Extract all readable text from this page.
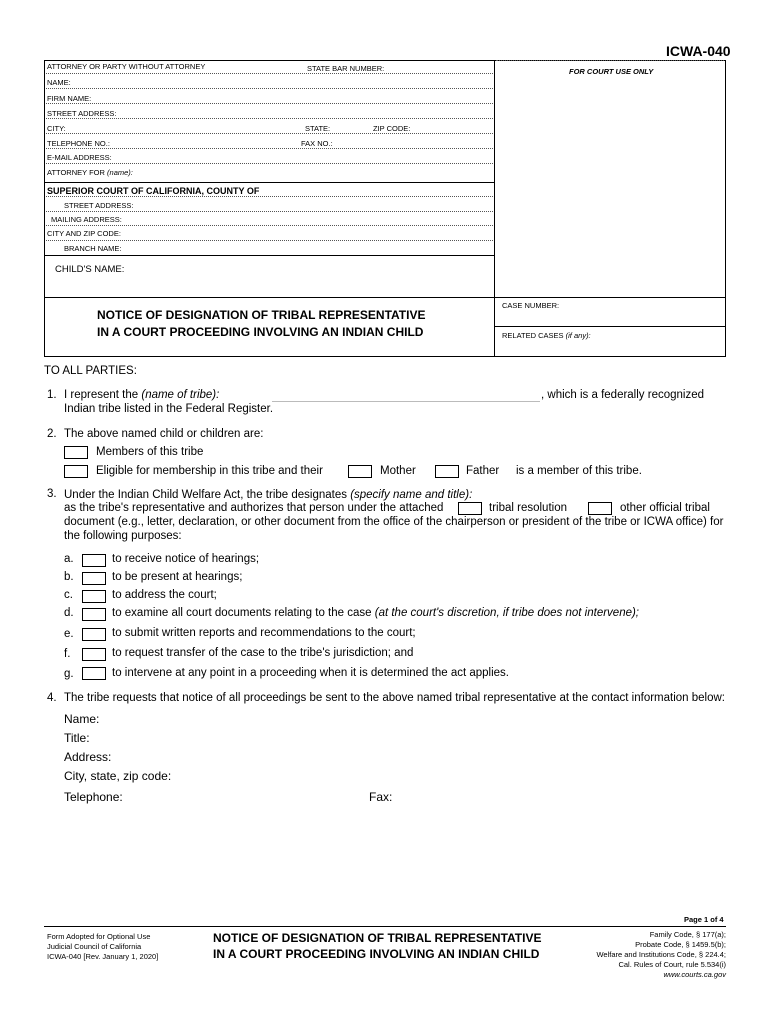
ICWA-040
ATTORNEY OR PARTY WITHOUT ATTORNEY	STATE BAR NUMBER:	FOR COURT USE ONLY
NAME:
FIRM NAME:
STREET ADDRESS:
CITY:	STATE:	ZIP CODE:
TELEPHONE NO.:	FAX NO.:
E-MAIL ADDRESS:
ATTORNEY FOR (name):
SUPERIOR COURT OF CALIFORNIA, COUNTY OF
STREET ADDRESS:
MAILING ADDRESS:
CITY AND ZIP CODE:
BRANCH NAME:
CHILD'S NAME:
NOTICE OF DESIGNATION OF TRIBAL REPRESENTATIVE
IN A COURT PROCEEDING INVOLVING AN INDIAN CHILD
CASE NUMBER:
RELATED CASES (if any):
TO ALL PARTIES:
1. I represent the (name of tribe):	, which is a federally recognized
Indian tribe listed in the Federal Register.
2. The above named child or children are:
Members of this tribe
Eligible for membership in this tribe and their	Mother	Father is a member of this tribe.
3. Under the Indian Child Welfare Act, the tribe designates (specify name and title):
as the tribe's representative and authorizes that person under the attached	tribal resolution	other official tribal
document (e.g., letter, declaration, or other document from the office of the chairperson or president of the tribe or ICWA office) for
the following purposes:
a.	to receive notice of hearings;
b.	to be present at hearings;
c.	to address the court;
d.	to examine all court documents relating to the case (at the court's discretion, if tribe does not intervene);
e.	to submit written reports and recommendations to the court;
f.	to request transfer of the case to the tribe's jurisdiction; and
g.	to intervene at any point in a proceeding when it is determined the act applies.
4. The tribe requests that notice of all proceedings be sent to the above named tribal representative at the contact information below:
Name:
Title:
Address:
City, state, zip code:
Telephone:	Fax:
Page 1 of 4
Form Adopted for Optional Use
Judicial Council of California
ICWA-040 [Rev. January 1, 2020]
NOTICE OF DESIGNATION OF TRIBAL REPRESENTATIVE
IN A COURT PROCEEDING INVOLVING AN INDIAN CHILD
Family Code, § 177(a);
Probate Code, § 1459.5(b);
Welfare and Institutions Code, § 224.4;
Cal. Rules of Court, rule 5.534(i)
www.courts.ca.gov
